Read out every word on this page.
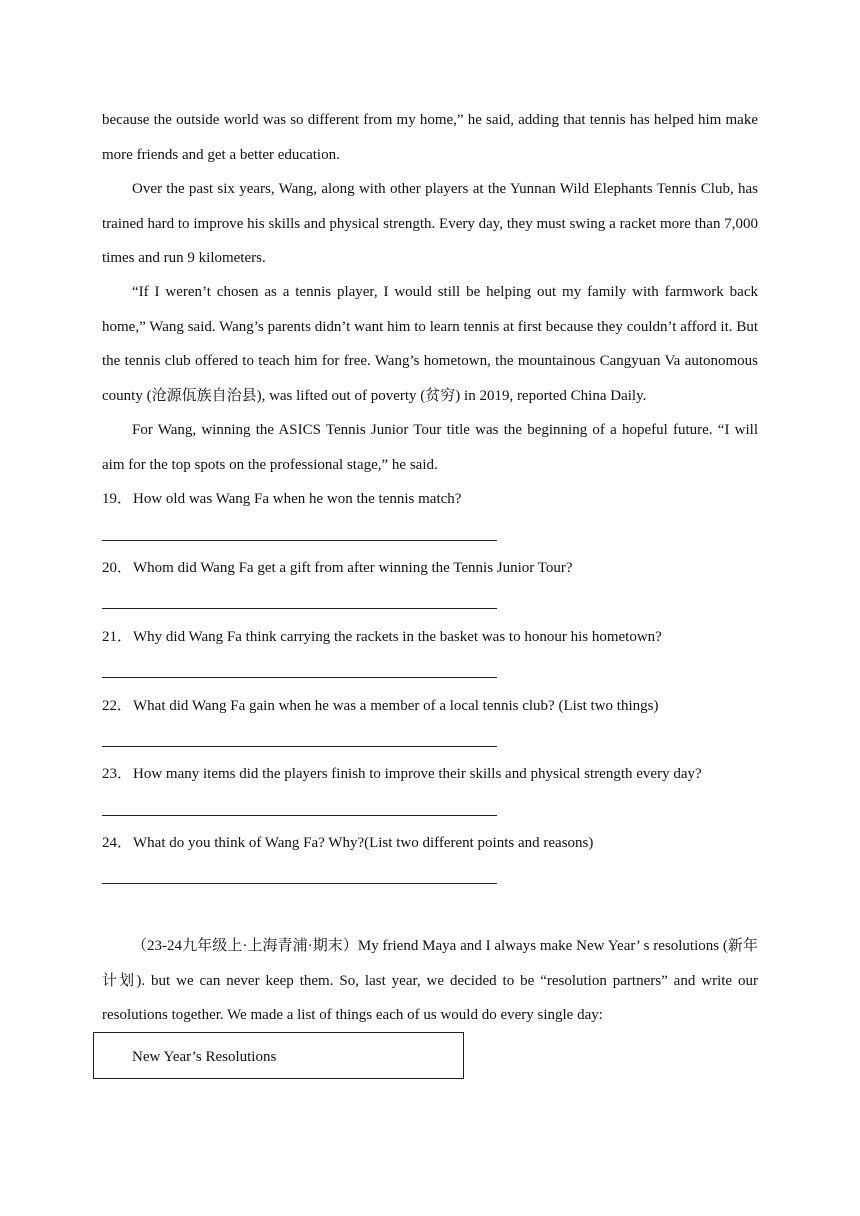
because the outside world was so different from my home,” he said, adding that tennis has helped him make more friends and get a better education.

Over the past six years, Wang, along with other players at the Yunnan Wild Elephants Tennis Club, has trained hard to improve his skills and physical strength. Every day, they must swing a racket more than 7,000 times and run 9 kilometers.

“If I weren’t chosen as a tennis player, I would still be helping out my family with farmwork back home,” Wang said. Wang’s parents didn’t want him to learn tennis at first because they couldn’t afford it. But the tennis club offered to teach him for free. Wang’s hometown, the mountainous Cangyuan Va autonomous county (沧源佤族自治县), was lifted out of poverty (贫穷) in 2019, reported China Daily.

For Wang, winning the ASICS Tennis Junior Tour title was the beginning of a hopeful future. “I will aim for the top spots on the professional stage,” he said.

19．How old was Wang Fa when he won the tennis match?
20．Whom did Wang Fa get a gift from after winning the Tennis Junior Tour?
21．Why did Wang Fa think carrying the rackets in the basket was to honour his hometown?
22．What did Wang Fa gain when he was a member of a local tennis club? (List two things)
23．How many items did the players finish to improve their skills and physical strength every day?
24．What do you think of Wang Fa? Why?(List two different points and reasons)

（23-24九年级上·上海青浦·期末）My friend Maya and I always make New Year’ s resolutions (新年计划). but we can never keep them. So, last year, we decided to be “resolution partners” and write our resolutions together. We made a list of things each of us would do every single day:

New Year’s Resolutions
